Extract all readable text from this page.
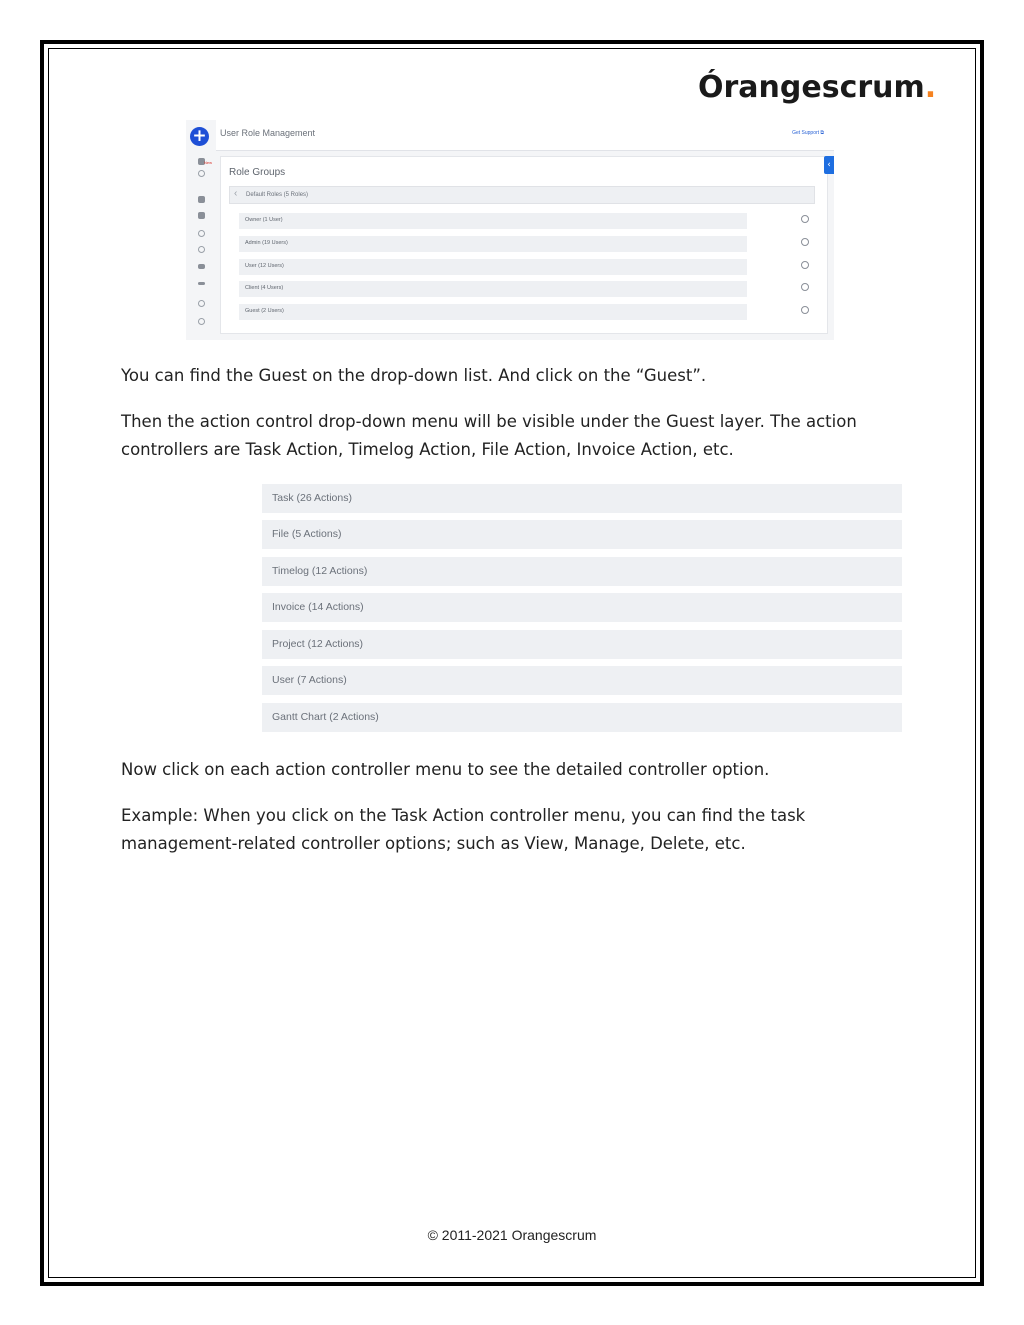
Órangescrum.
User Role Management	Get Support ⧉
+
New
Role Groups
‹ Default Roles (5 Roles)
Owner (1 User)
Admin (19 Users)
User (12 Users)
Client (4 Users)
Guest (2 Users)
‹
You can find the Guest on the drop-down list. And click on the “Guest”.
Then the action control drop-down menu will be visible under the Guest layer. The action controllers are Task Action, Timelog Action, File Action, Invoice Action, etc.
Task (26 Actions)
File (5 Actions)
Timelog (12 Actions)
Invoice (14 Actions)
Project (12 Actions)
User (7 Actions)
Gantt Chart (2 Actions)
Now click on each action controller menu to see the detailed controller option.
Example: When you click on the Task Action controller menu, you can find the task management-related controller options; such as View, Manage, Delete, etc.
© 2011-2021 Orangescrum
